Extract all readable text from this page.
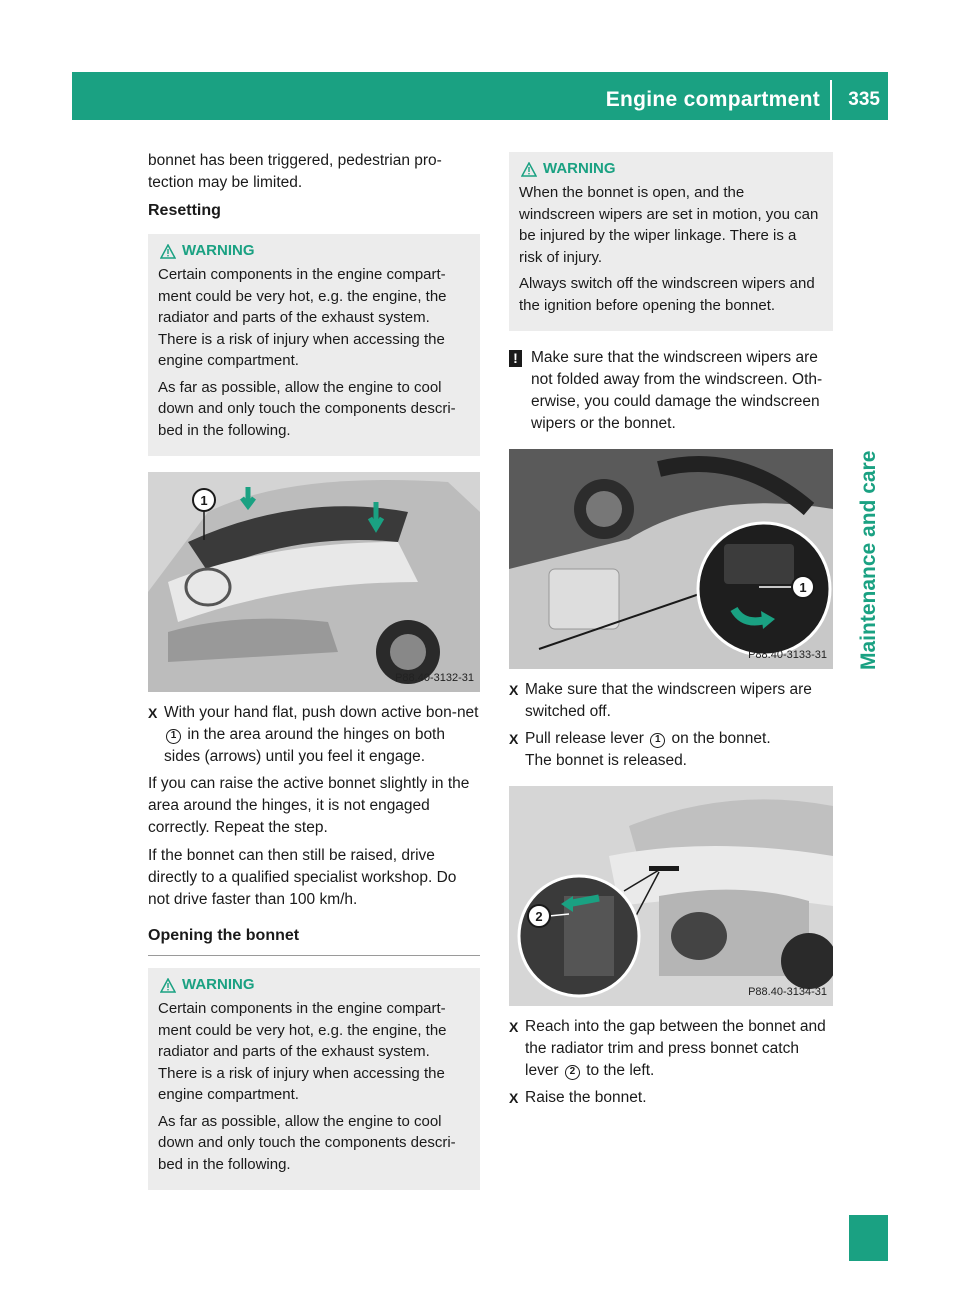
Engine compartment 335
Maintenance and care

bonnet has been triggered, pedestrian pro-tection may be limited.

Resetting
WARNING

Certain components in the engine compart-ment could be very hot, e.g. the engine, the radiator and parts of the exhaust system. There is a risk of injury when accessing the engine compartment.

As far as possible, allow the engine to cool down and only touch the components descri-bed in the following.

1
P88.40-3132-31
X With your hand flat, push down active bon-net 1 in the area around the hinges on both sides (arrows) until you feel it engage.

If you can raise the active bonnet slightly in the area around the hinges, it is not engaged correctly. Repeat the step.

If the bonnet can then still be raised, drive directly to a qualified specialist workshop. Do not drive faster than 100 km/h.

Opening the bonnet
WARNING

Certain components in the engine compart-ment could be very hot, e.g. the engine, the radiator and parts of the exhaust system. There is a risk of injury when accessing the engine compartment.

As far as possible, allow the engine to cool down and only touch the components descri-bed in the following.

WARNING

When the bonnet is open, and the windscreen wipers are set in motion, you can be injured by the wiper linkage. There is a risk of injury.

Always switch off the windscreen wipers and the ignition before opening the bonnet.

! Make sure that the windscreen wipers are not folded away from the windscreen. Oth-erwise, you could damage the windscreen wipers or the bonnet.
1
P88.40-3133-31
X Make sure that the windscreen wipers are switched off.
X Pull release lever 1 on the bonnet.
The bonnet is released.
2
P88.40-3134-31
X Reach into the gap between the bonnet and the radiator trim and press bonnet catch lever 2 to the left.
X Raise the bonnet.
